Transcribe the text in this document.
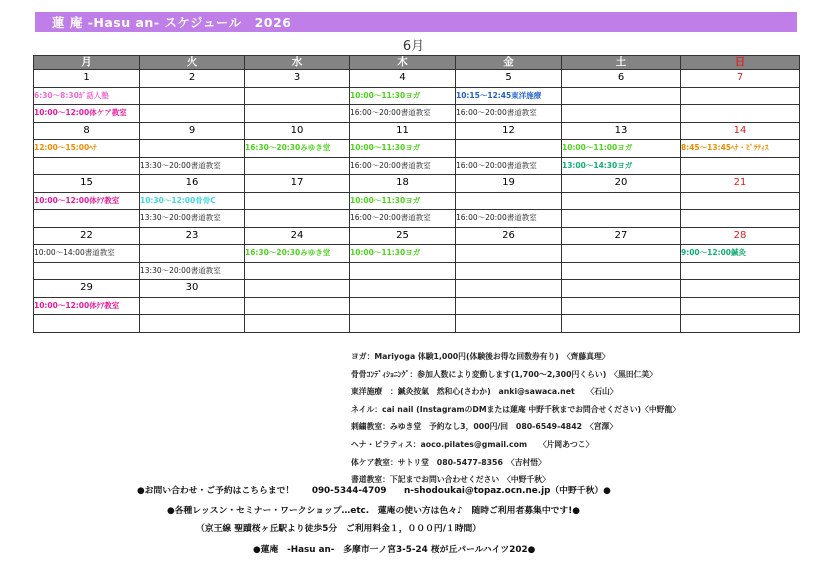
蓮 庵 -Hasu an- スケジュール　2026
6月
月	火	水	木	金	土	日
1	2	3	4	5	6	7
6:30～8:30ｶﾞ話人塾			10:00～11:30ヨガ	10:15～12:45東洋施療		
10:00～12:00体ケア教室			16:00～20:00書道教室	16:00～20:00書道教室		
8	9	10	11	12	13	14
12:00～15:00ﾍﾅ		16:30～20:30みゆき堂	10:00～11:30ヨガ		10:00～11:00ヨガ	8:45～13:45ﾍﾅ・ﾋﾟﾗﾃｨｽ
	13:30～20:00書道教室		16:00～20:00書道教室	16:00～20:00書道教室	13:00～14:30ヨガ	
15	16	17	18	19	20	21
10:00～12:00体ｹｱ教室	10:30～12:00骨骨C		10:00～11:30ヨガ			
	13:30～20:00書道教室		16:00～20:00書道教室	16:00～20:00書道教室		
22	23	24	25	26	27	28
10:00～14:00書道教室		16:30～20:30みゆき堂	10:00～11:30ヨガ			9:00～12:00鍼灸
	13:30～20:00書道教室					
29	30					
10:00～12:00体ｹｱ教室						

ヨガ：Mariyoga 体験1,000円(体験後お得な回数券有り)　〈齊藤真理〉
骨骨ｺﾝﾃﾞｨｼｮﾆﾝｸﾞ：参加人数により変動します(1,700～2,300円くらい)　〈黒田仁美〉
東洋施療　：鍼灸按氣　然和心(さわか)　anki@sawaca.net　　〈石山〉
ネイル：cai nail (InstagramのDMまたは蓮庵 中野千秋までお問合せください)〈中野龍〉
刺繍教室：みゆき堂　予約なし3，000円/回　080-6549-4842　〈宮澤〉
ヘナ・ピラティス：aoco.pilates@gmail.com　　〈片岡あつこ〉
体ケア教室：サトリ堂　080-5477-8356　〈吉村悟〉
書道教室：下記までお問い合わせください　〈中野千秋〉
●お問い合わせ・ご予約はこちらまで！　　090-5344-4709　　n-shodoukai@topaz.ocn.ne.jp（中野千秋）●
●各種レッスン・セミナー・ワークショップ…etc.　蓮庵の使い方は色々♪　随時ご利用者募集中です!●
（京王線 聖蹟桜ヶ丘駅より徒歩5分　ご利用料金１，０００円/１時間）
●蓮庵　-Hasu an-　多摩市一ノ宮3-5-24 桜が丘パールハイツ202●
